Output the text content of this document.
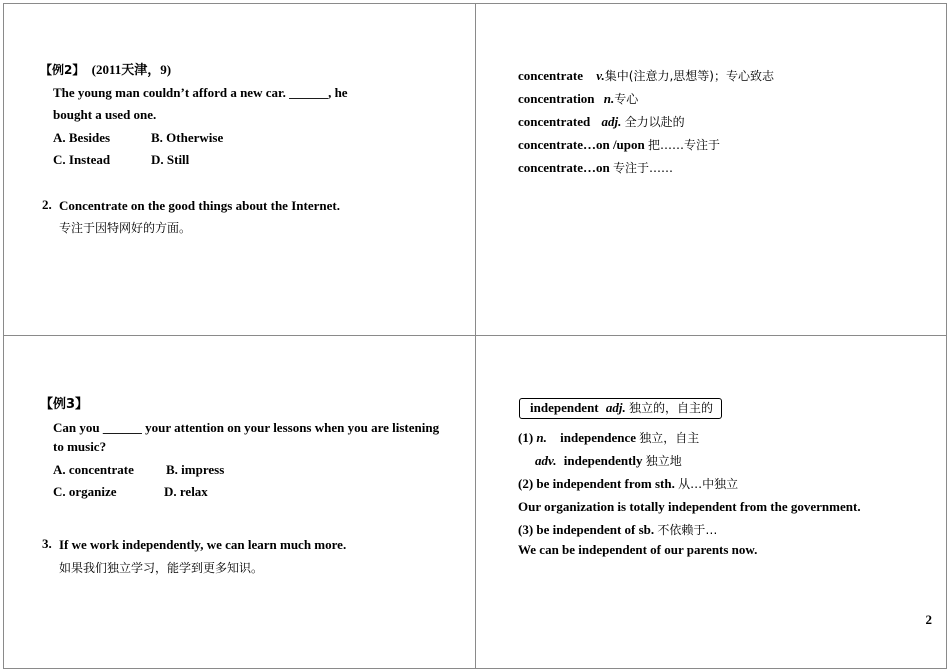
【例2】 (2011天津，9)
The young man couldn’t afford a new car. ______, he
bought a used one.
A. Besides	B. Otherwise
C. Instead	D. Still
2. Concentrate on the good things about the Internet.
专注于因特网好的方面。
concentrate v.集中(注意力,思想等)；专心致志
concentration n.专心
concentrated adj. 全力以赴的
concentrate…on /upon 把……专注于
concentrate…on 专注于……
【例3】
Can you ______ your attention on your lessons when you are listening
to music?
A. concentrate B. impress
C. organize	D. relax
3. If we work independently, we can learn much more.
如果我们独立学习，能学到更多知识。
independent adj. 独立的，自主的
(1) n. independence 独立，自主
adv. independently 独立地
(2) be independent from sth. 从…中独立
Our organization is totally independent from the government.
(3) be independent of sb. 不依赖于…
We can be independent of our parents now.
2
